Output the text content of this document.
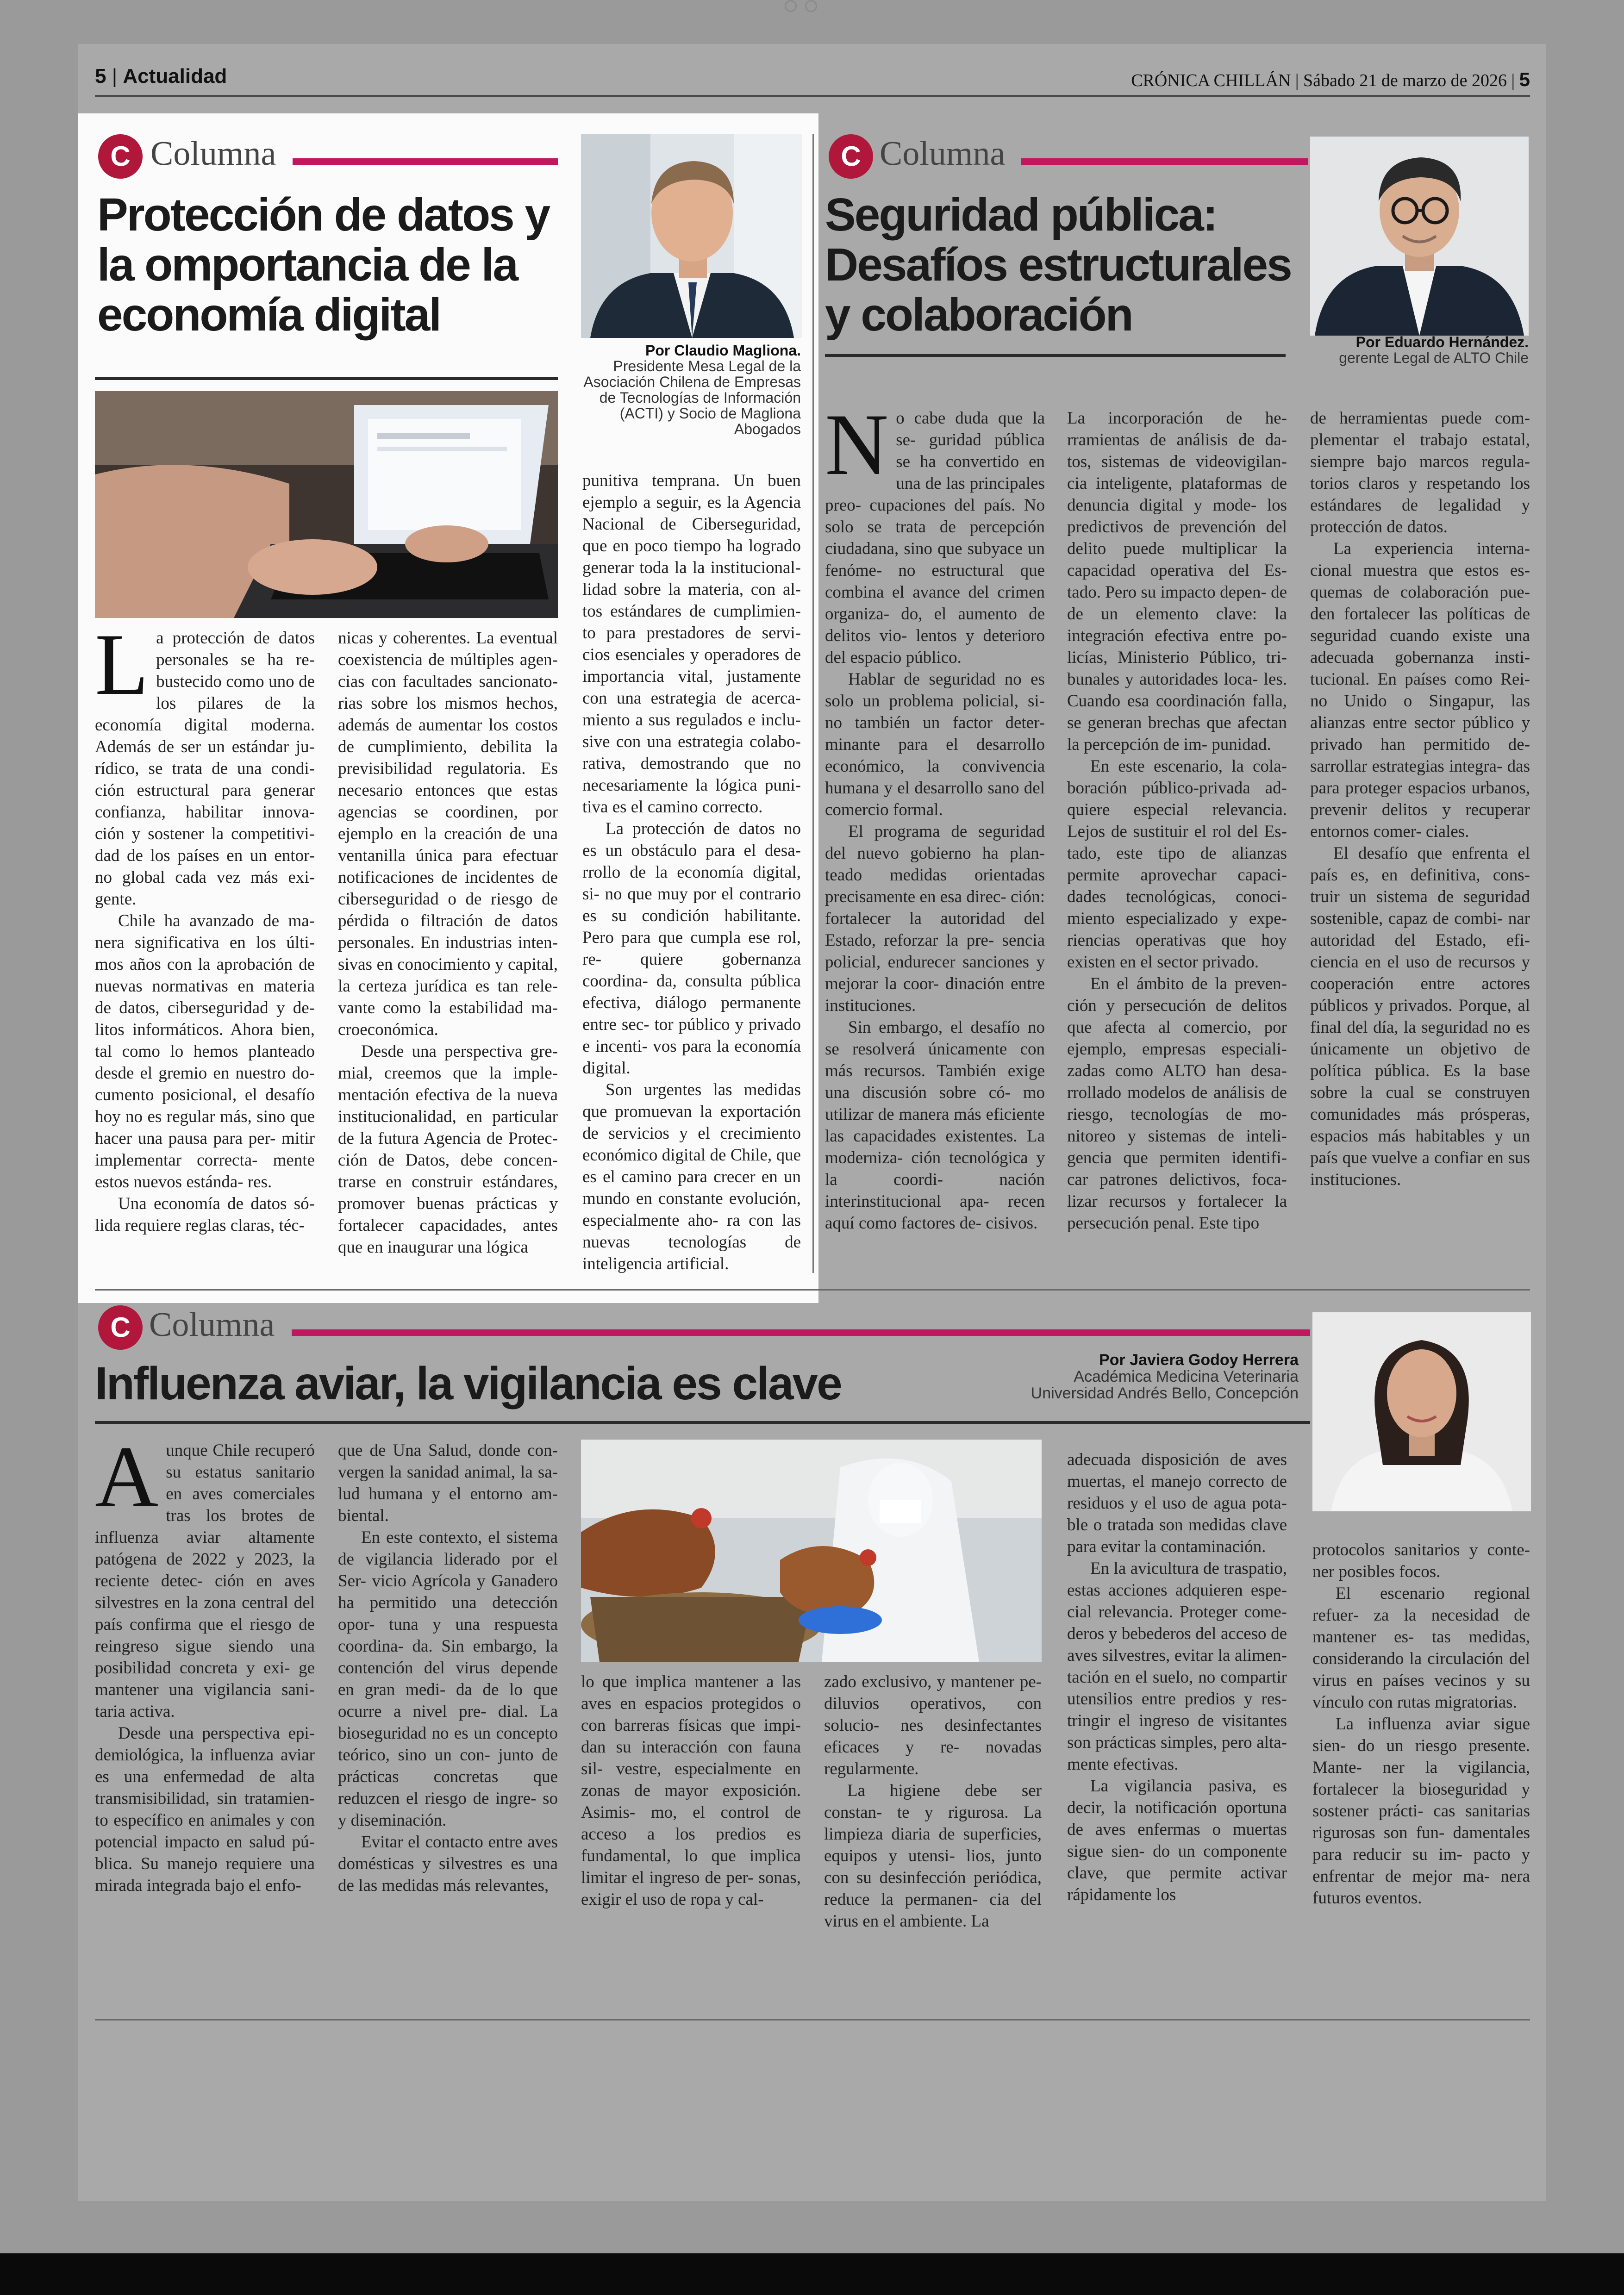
5 | Actualidad	CRÓNICA CHILLÁN | Sábado 21 de marzo de 2026 | 5
C Columna
Protección de datos y la omportancia de la economía digital
Por Claudio Magliona.
Presidente Mesa Legal de la Asociación Chilena de Empresas de Tecnologías de Información (ACTI) y Socio de Magliona Abogados
L a protección de datos personales se ha re- bustecido como uno de los pilares de la economía digital moderna. Además de ser un estándar ju- rídico, se trata de una condi- ción estructural para generar confianza, habilitar innova- ción y sostener la competitivi- dad de los países en un entor- no global cada vez más exi- gente.

Chile ha avanzado de ma- nera significativa en los últi- mos años con la aprobación de nuevas normativas en materia de datos, ciberseguridad y de- litos informáticos. Ahora bien, tal como lo hemos planteado desde el gremio en nuestro do- cumento posicional, el desafío hoy no es regular más, sino que hacer una pausa para per- mitir implementar correcta- mente estos nuevos estánda- res.

Una economía de datos só- lida requiere reglas claras, téc-

nicas y coherentes. La eventual coexistencia de múltiples agen- cias con facultades sancionato- rias sobre los mismos hechos, además de aumentar los costos de cumplimiento, debilita la previsibilidad regulatoria. Es necesario entonces que estas agencias se coordinen, por ejemplo en la creación de una ventanilla única para efectuar notificaciones de incidentes de ciberseguridad o de riesgo de pérdida o filtración de datos personales. En industrias inten- sivas en conocimiento y capital, la certeza jurídica es tan rele- vante como la estabilidad ma- croeconómica.

Desde una perspectiva gre- mial, creemos que la imple- mentación efectiva de la nueva institucionalidad, en particular de la futura Agencia de Protec- ción de Datos, debe concen- trarse en construir estándares, promover buenas prácticas y fortalecer capacidades, antes que en inaugurar una lógica

punitiva temprana. Un buen ejemplo a seguir, es la Agencia Nacional de Ciberseguridad, que en poco tiempo ha logrado generar toda la la institucional- lidad sobre la materia, con al- tos estándares de cumplimien- to para prestadores de servi- cios esenciales y operadores de importancia vital, justamente con una estrategia de acerca- miento a sus regulados e inclu- sive con una estrategia colabo- rativa, demostrando que no necesariamente la lógica puni- tiva es el camino correcto.

La protección de datos no es un obstáculo para el desa- rrollo de la economía digital, si- no que muy por el contrario es su condición habilitante. Pero para que cumpla ese rol, re- quiere gobernanza coordina- da, consulta pública efectiva, diálogo permanente entre sec- tor público y privado e incenti- vos para la economía digital.

Son urgentes las medidas que promuevan la exportación de servicios y el crecimiento económico digital de Chile, que es el camino para crecer en un mundo en constante evolución, especialmente aho- ra con las nuevas tecnologías de inteligencia artificial.

C Columna
Seguridad pública: Desafíos estructurales y colaboración
Por Eduardo Hernández.
gerente Legal de ALTO Chile
N o cabe duda que la se- guridad pública se ha convertido en una de las principales preo- cupaciones del país. No solo se trata de percepción ciudadana, sino que subyace un fenóme- no estructural que combina el avance del crimen organiza- do, el aumento de delitos vio- lentos y deterioro del espacio público.

Hablar de seguridad no es solo un problema policial, si- no también un factor deter- minante para el desarrollo económico, la convivencia humana y el desarrollo sano del comercio formal.

El programa de seguridad del nuevo gobierno ha plan- teado medidas orientadas precisamente en esa direc- ción: fortalecer la autoridad del Estado, reforzar la pre- sencia policial, endurecer sanciones y mejorar la coor- dinación entre instituciones.

Sin embargo, el desafío no se resolverá únicamente con más recursos. También exige una discusión sobre có- mo utilizar de manera más eficiente las capacidades existentes. La moderniza- ción tecnológica y la coordi- nación interinstitucional apa- recen aquí como factores de- cisivos.

La incorporación de he- rramientas de análisis de da- tos, sistemas de videovigilan- cia inteligente, plataformas de denuncia digital y mode- los predictivos de prevención del delito puede multiplicar la capacidad operativa del Es- tado. Pero su impacto depen- de de un elemento clave: la integración efectiva entre po- licías, Ministerio Público, tri- bunales y autoridades loca- les. Cuando esa coordinación falla, se generan brechas que afectan la percepción de im- punidad.

En este escenario, la cola- boración público-privada ad- quiere especial relevancia. Lejos de sustituir el rol del Es- tado, este tipo de alianzas permite aprovechar capaci- dades tecnológicas, conoci- miento especializado y expe- riencias operativas que hoy existen en el sector privado.

En el ámbito de la preven- ción y persecución de delitos que afecta al comercio, por ejemplo, empresas especiali- zadas como ALTO han desa- rrollado modelos de análisis de riesgo, tecnologías de mo- nitoreo y sistemas de inteli- gencia que permiten identifi- car patrones delictivos, foca- lizar recursos y fortalecer la persecución penal. Este tipo

de herramientas puede com- plementar el trabajo estatal, siempre bajo marcos regula- torios claros y respetando los estándares de legalidad y protección de datos.

La experiencia interna- cional muestra que estos es- quemas de colaboración pue- den fortalecer las políticas de seguridad cuando existe una adecuada gobernanza insti- tucional. En países como Rei- no Unido o Singapur, las alianzas entre sector público y privado han permitido de- sarrollar estrategias integra- das para proteger espacios urbanos, prevenir delitos y recuperar entornos comer- ciales.

El desafío que enfrenta el país es, en definitiva, cons- truir un sistema de seguridad sostenible, capaz de combi- nar autoridad del Estado, efi- ciencia en el uso de recursos y cooperación entre actores públicos y privados. Porque, al final del día, la seguridad no es únicamente un objetivo de política pública. Es la base sobre la cual se construyen comunidades más prósperas, espacios más habitables y un país que vuelve a confiar en sus instituciones.

C Columna
Influenza aviar, la vigilancia es clave	Por Javiera Godoy Herrera
Académica Medicina Veterinaria Universidad Andrés Bello, Concepción
A unque Chile recuperó su estatus sanitario en aves comerciales tras los brotes de influenza aviar altamente patógena de 2022 y 2023, la reciente detec- ción en aves silvestres en la zona central del país confirma que el riesgo de reingreso sigue siendo una posibilidad concreta y exi- ge mantener una vigilancia sani- taria activa.

Desde una perspectiva epi- demiológica, la influenza aviar es una enfermedad de alta transmisibilidad, sin tratamien- to específico en animales y con potencial impacto en salud pú- blica. Su manejo requiere una mirada integrada bajo el enfo-

que de Una Salud, donde con- vergen la sanidad animal, la sa- lud humana y el entorno am- biental.

En este contexto, el sistema de vigilancia liderado por el Ser- vicio Agrícola y Ganadero ha permitido una detección opor- tuna y una respuesta coordina- da. Sin embargo, la contención del virus depende en gran medi- da de lo que ocurre a nivel pre- dial. La bioseguridad no es un concepto teórico, sino un con- junto de prácticas concretas que reduzcen el riesgo de ingre- so y diseminación.

Evitar el contacto entre aves domésticas y silvestres es una de las medidas más relevantes,

lo que implica mantener a las aves en espacios protegidos o con barreras físicas que impi- dan su interacción con fauna sil- vestre, especialmente en zonas de mayor exposición. Asimis- mo, el control de acceso a los predios es fundamental, lo que implica limitar el ingreso de per- sonas, exigir el uso de ropa y cal-

zado exclusivo, y mantener pe- diluvios operativos, con solucio- nes desinfectantes eficaces y re- novadas regularmente.

La higiene debe ser constan- te y rigurosa. La limpieza diaria de superficies, equipos y utensi- lios, junto con su desinfección periódica, reduce la permanen- cia del virus en el ambiente. La

adecuada disposición de aves muertas, el manejo correcto de residuos y el uso de agua pota- ble o tratada son medidas clave para evitar la contaminación.

En la avicultura de traspatio, estas acciones adquieren espe- cial relevancia. Proteger come- deros y bebederos del acceso de aves silvestres, evitar la alimen- tación en el suelo, no compartir utensilios entre predios y res- tringir el ingreso de visitantes son prácticas simples, pero alta- mente efectivas.

La vigilancia pasiva, es decir, la notificación oportuna de aves enfermas o muertas sigue sien- do un componente clave, que permite activar rápidamente los

protocolos sanitarios y conte- ner posibles focos.

El escenario regional refuer- za la necesidad de mantener es- tas medidas, considerando la circulación del virus en países vecinos y su vínculo con rutas migratorias.

La influenza aviar sigue sien- do un riesgo presente. Mante- ner la vigilancia, fortalecer la bioseguridad y sostener prácti- cas sanitarias rigurosas son fun- damentales para reducir su im- pacto y enfrentar de mejor ma- nera futuros eventos.
